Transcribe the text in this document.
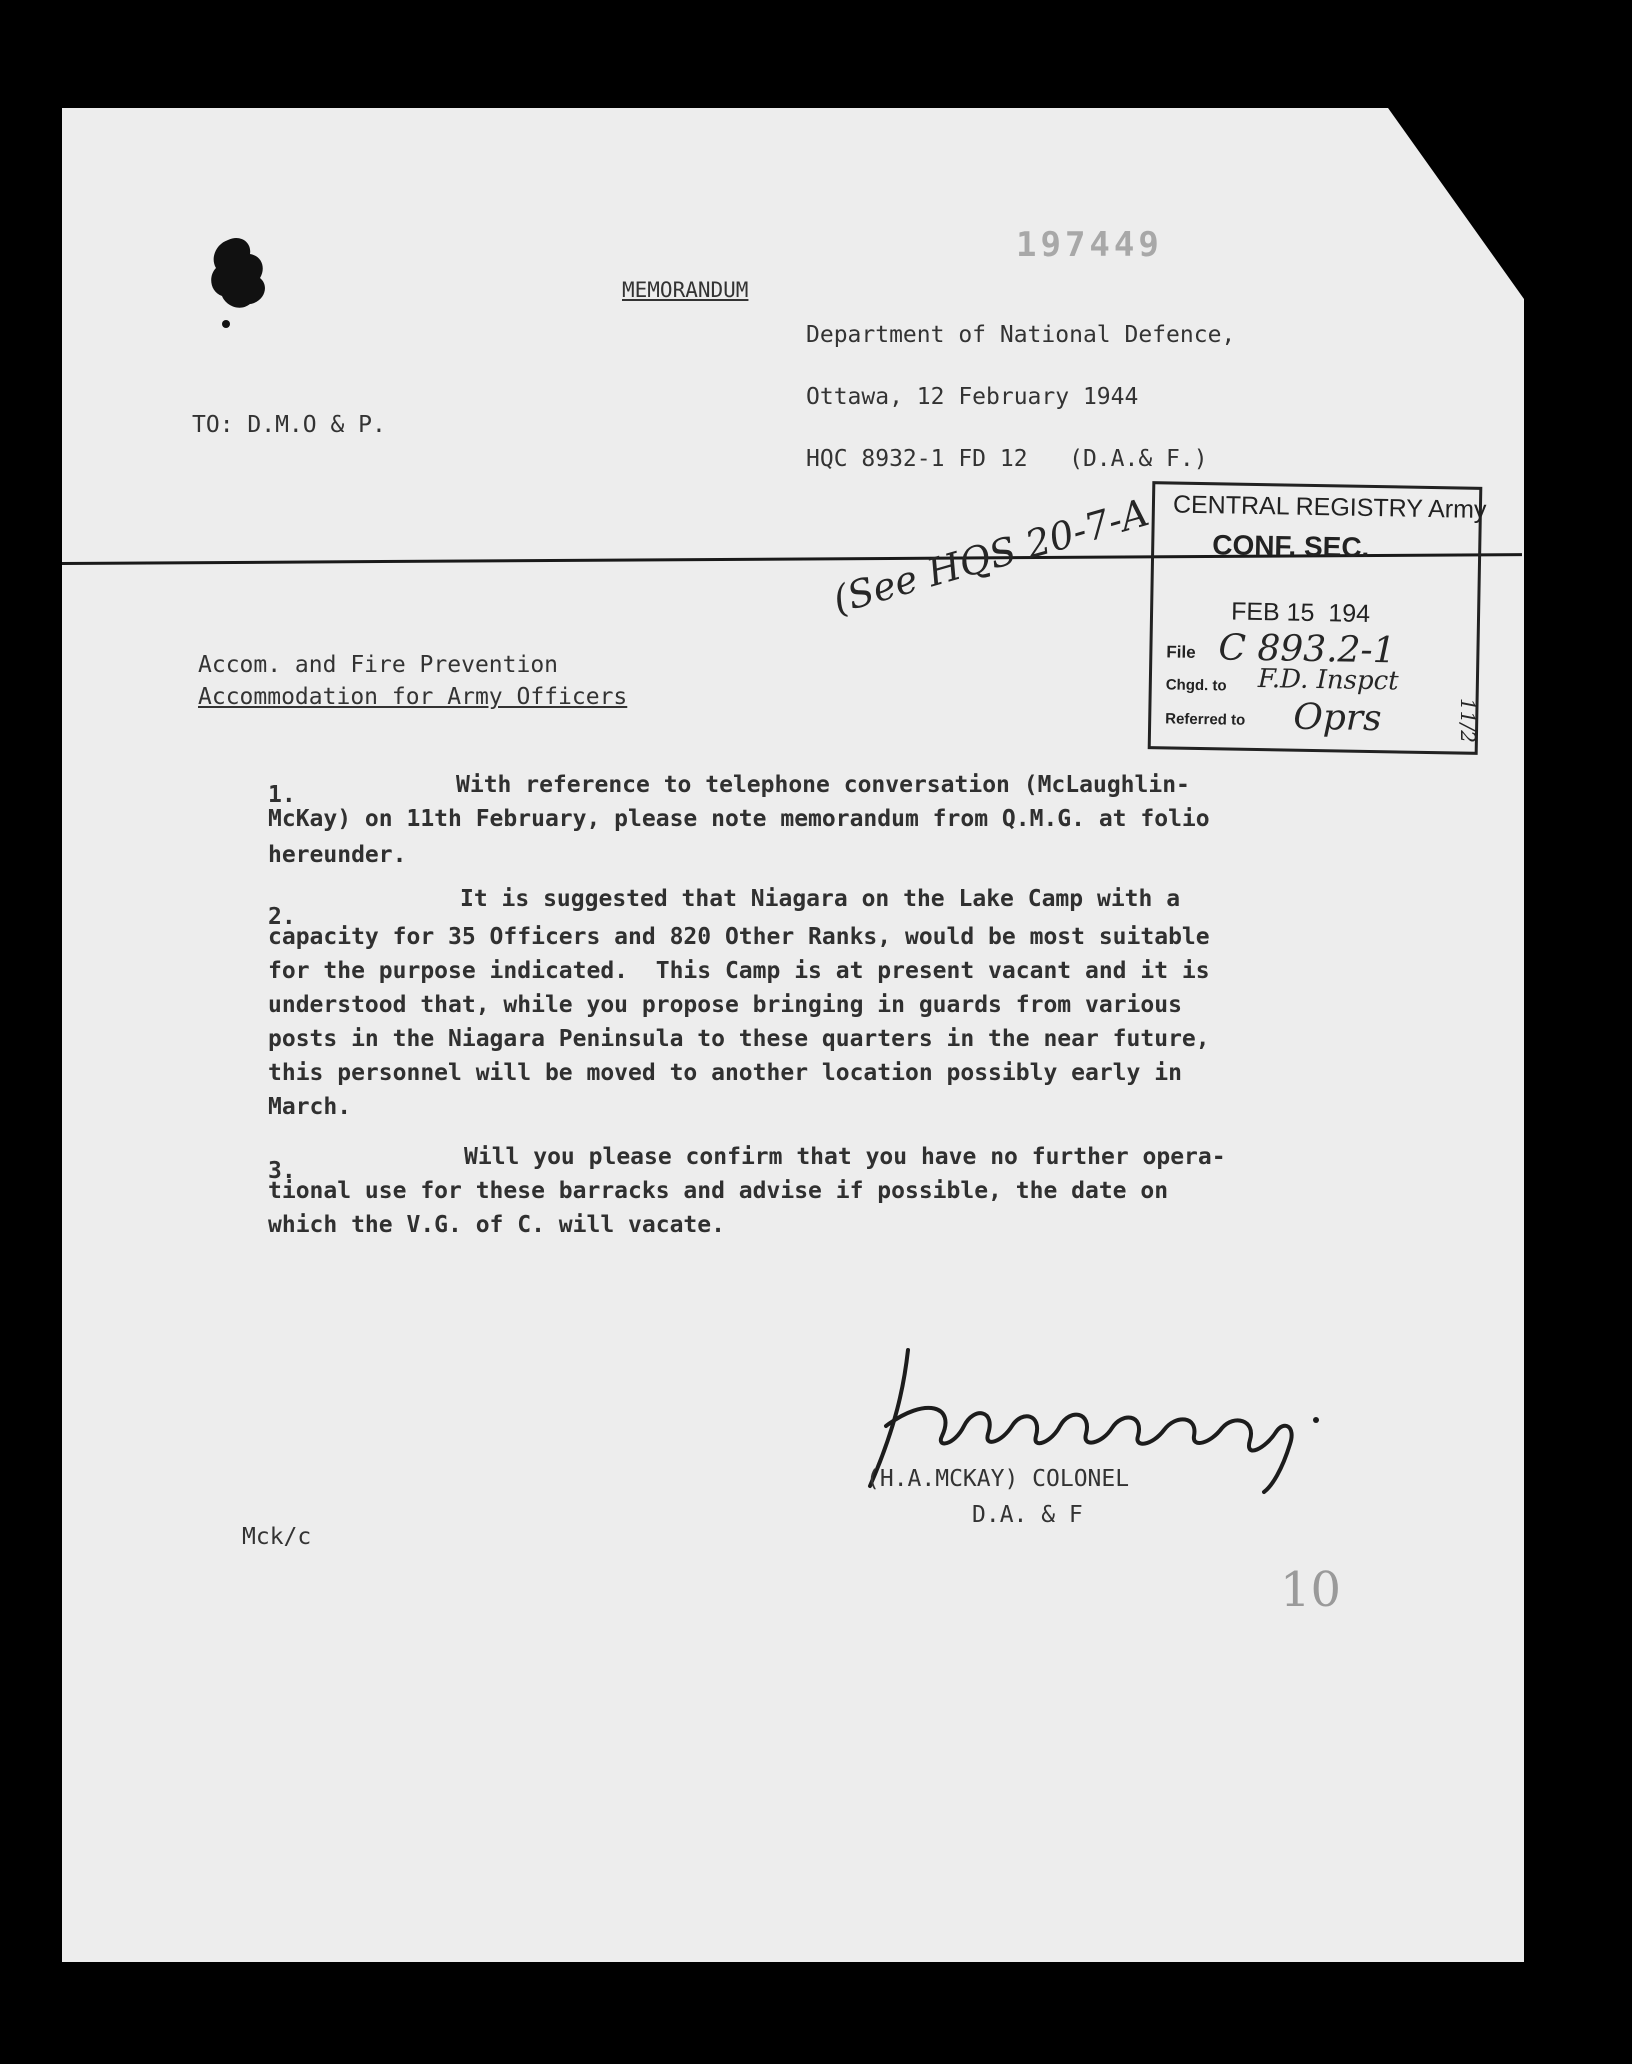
197449
MEMORANDUM
Department of National Defence,
Ottawa, 12 February 1944
TO: D.M.O & P.
HQC 8932-1 FD 12   (D.A.& F.)
(See HQS 20-7-A CENTRAL REGISTRY Army
CONF. SEC.
FEB 15  194
File C 893.2-1
Chgd. to F.D. Inspct
Referred to Oprs	11/2
Accom. and Fire Prevention
Accommodation for Army Officers
1.	With reference to telephone conversation (McLaughlin-
McKay) on 11th February, please note memorandum from Q.M.G. at folio
hereunder.
2.
It is suggested that Niagara on the Lake Camp with a
capacity for 35 Officers and 820 Other Ranks, would be most suitable
for the purpose indicated.  This Camp is at present vacant and it is
understood that, while you propose bringing in guards from various
posts in the Niagara Peninsula to these quarters in the near future,
this personnel will be moved to another location possibly early in
March.
3.
Will you please confirm that you have no further opera-
tional use for these barracks and advise if possible, the date on
which the V.G. of C. will vacate.
(H.A.MCKAY) COLONEL
D.A. & F
Mck/c
10
